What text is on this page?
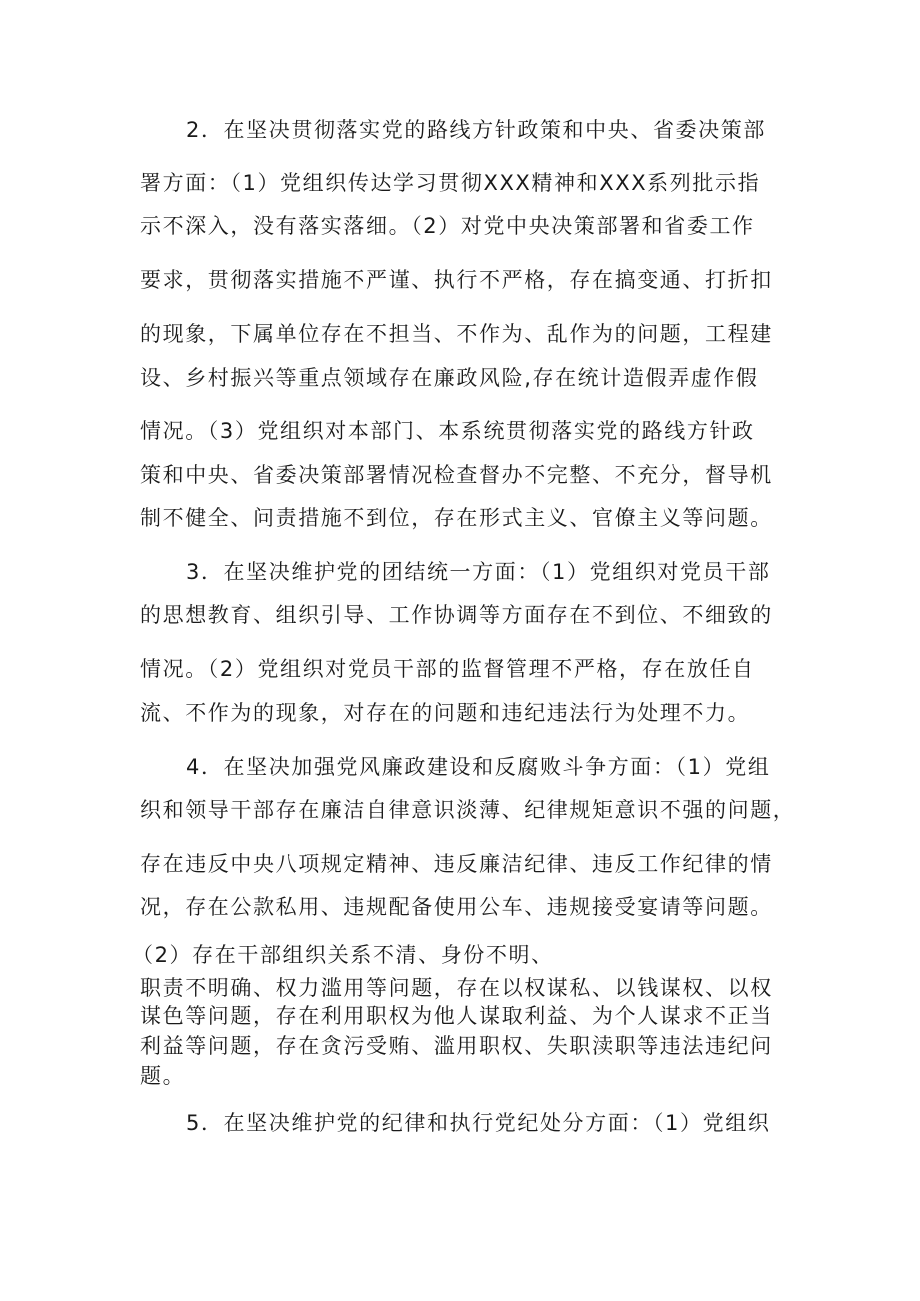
2．在坚决贯彻落实党的路线方针政策和中央、省委决策部
署方面：（1）党组织传达学习贯彻XXX精神和XXX系列批示指
示不深入，没有落实落细。（2）对党中央决策部署和省委工作
要求，贯彻落实措施不严谨、执行不严格，存在搞变通、打折扣
的现象，下属单位存在不担当、不作为、乱作为的问题，工程建
设、乡村振兴等重点领域存在廉政风险,存在统计造假弄虚作假
情况。（3）党组织对本部门、本系统贯彻落实党的路线方针政
策和中央、省委决策部署情况检查督办不完整、不充分，督导机
制不健全、问责措施不到位，存在形式主义、官僚主义等问题。
3．在坚决维护党的团结统一方面：（1）党组织对党员干部
的思想教育、组织引导、工作协调等方面存在不到位、不细致的
情况。（2）党组织对党员干部的监督管理不严格，存在放任自
流、不作为的现象，对存在的问题和违纪违法行为处理不力。
4．在坚决加强党风廉政建设和反腐败斗争方面：（1）党组
织和领导干部存在廉洁自律意识淡薄、纪律规矩意识不强的问题，
存在违反中央八项规定精神、违反廉洁纪律、违反工作纪律的情
况，存在公款私用、违规配备使用公车、违规接受宴请等问题。
（2）存在干部组织关系不清、身份不明、
职责不明确、权力滥用等问题，存在以权谋私、以钱谋权、以权
谋色等问题，存在利用职权为他人谋取利益、为个人谋求不正当
利益等问题，存在贪污受贿、滥用职权、失职渎职等违法违纪问
题。
5．在坚决维护党的纪律和执行党纪处分方面：（1）党组织
